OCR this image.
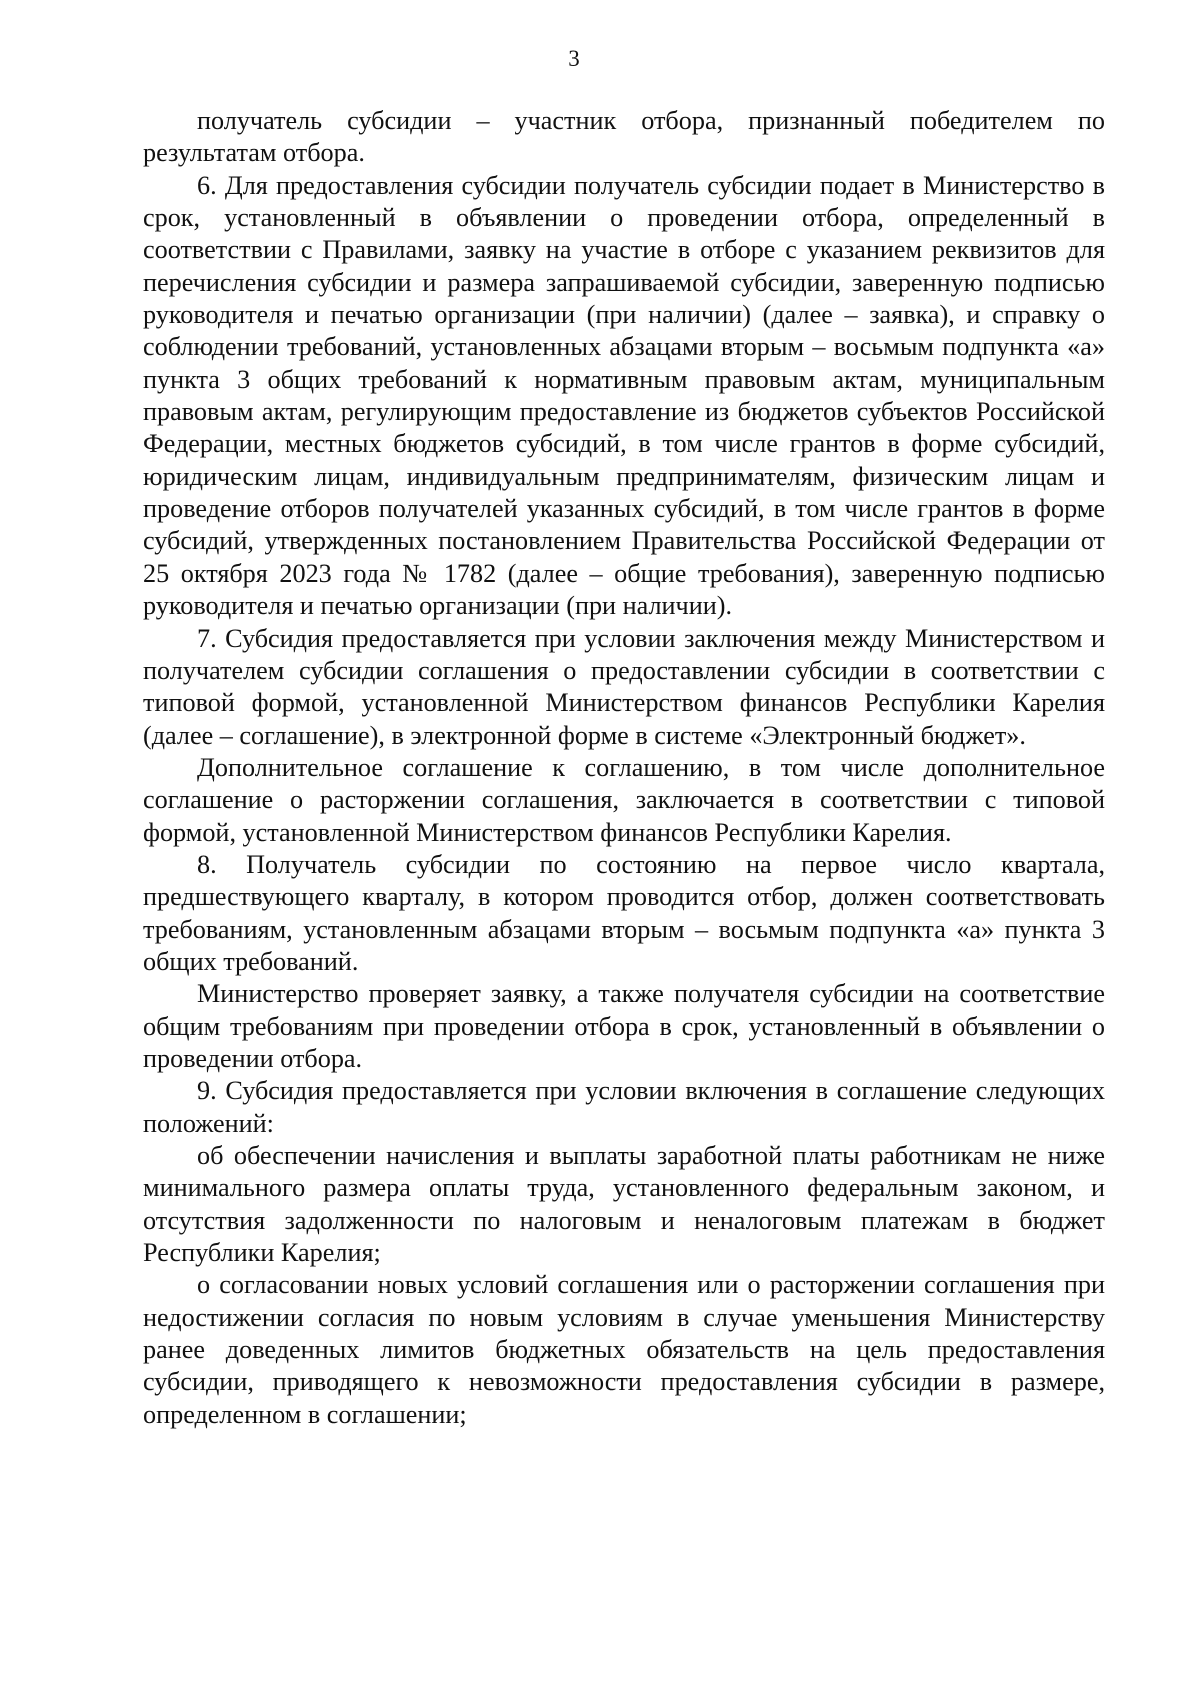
3

получатель субсидии – участник отбора, признанный победителем по результатам отбора.

6. Для предоставления субсидии получатель субсидии подает в Министерство в срок, установленный в объявлении о проведении отбора, определенный в соответствии с Правилами, заявку на участие в отборе с указанием реквизитов для перечисления субсидии и размера запрашиваемой субсидии, заверенную подписью руководителя и печатью организации (при наличии) (далее – заявка), и справку о соблюдении требований, установленных абзацами вторым – восьмым подпункта «а» пункта 3 общих требований к нормативным правовым актам, муниципальным правовым актам, регулирующим предоставление из бюджетов субъектов Российской Федерации, местных бюджетов субсидий, в том числе грантов в форме субсидий, юридическим лицам, индивидуальным предпринимателям, физическим лицам и проведение отборов получателей указанных субсидий, в том числе грантов в форме субсидий, утвержденных постановлением Правительства Российской Федерации от 25 октября 2023 года № 1782 (далее – общие требования), заверенную подписью руководителя и печатью организации (при наличии).

7. Субсидия предоставляется при условии заключения между Министерством и получателем субсидии соглашения о предоставлении субсидии в соответствии с типовой формой, установленной Министерством финансов Республики Карелия (далее – соглашение), в электронной форме в системе «Электронный бюджет».

Дополнительное соглашение к соглашению, в том числе дополнительное соглашение о расторжении соглашения, заключается в соответствии с типовой формой, установленной Министерством финансов Республики Карелия.

8. Получатель субсидии по состоянию на первое число квартала, предшествующего кварталу, в котором проводится отбор, должен соответствовать требованиям, установленным абзацами вторым – восьмым подпункта «а» пункта 3 общих требований.

Министерство проверяет заявку, а также получателя субсидии на соответствие общим требованиям при проведении отбора в срок, установленный в объявлении о проведении отбора.

9. Субсидия предоставляется при условии включения в соглашение следующих положений:

об обеспечении начисления и выплаты заработной платы работникам не ниже минимального размера оплаты труда, установленного федеральным законом, и отсутствия задолженности по налоговым и неналоговым платежам в бюджет Республики Карелия;

о согласовании новых условий соглашения или о расторжении соглашения при недостижении согласия по новым условиям в случае уменьшения Министерству ранее доведенных лимитов бюджетных обязательств на цель предоставления субсидии, приводящего к невозможности предоставления субсидии в размере, определенном в соглашении;
